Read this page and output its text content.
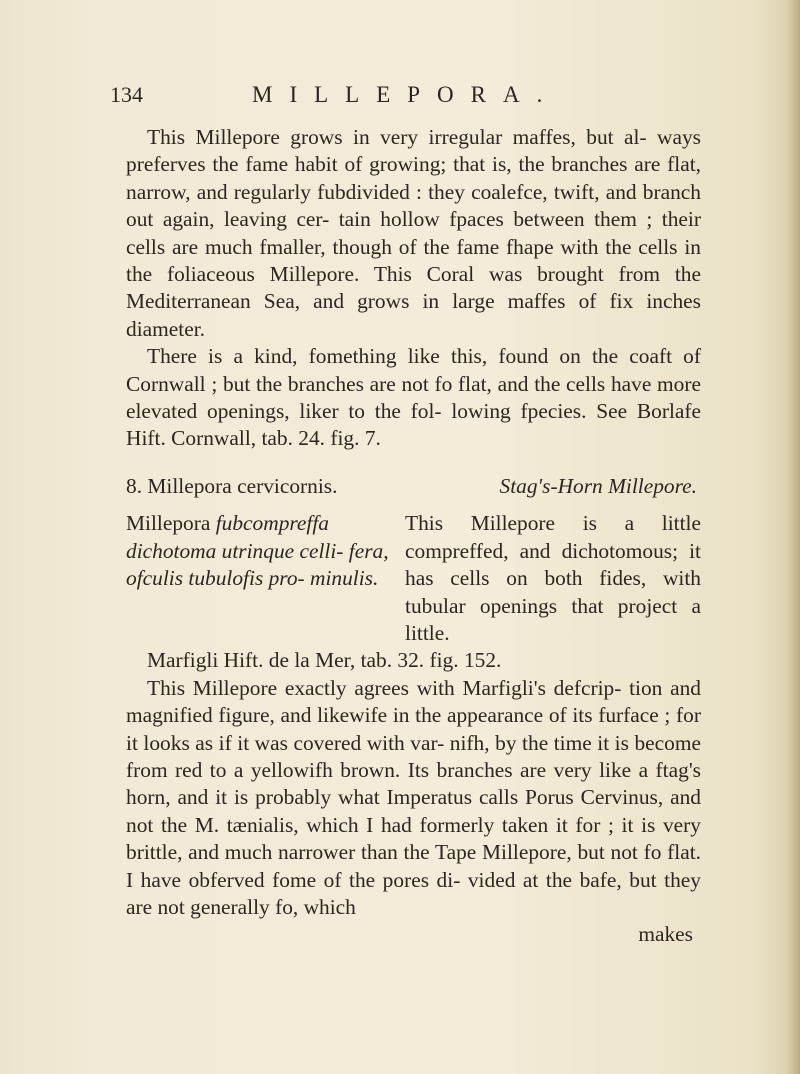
134	MILLEPORA.

This Millepore grows in very irregular maffes, but al- ways preferves the fame habit of growing; that is, the branches are flat, narrow, and regularly fubdivided : they coalefce, twift, and branch out again, leaving cer- tain hollow fpaces between them ; their cells are much fmaller, though of the fame fhape with the cells in the foliaceous Millepore. This Coral was brought from the Mediterranean Sea, and grows in large maffes of fix inches diameter.

There is a kind, fomething like this, found on the coaft of Cornwall ; but the branches are not fo flat, and the cells have more elevated openings, liker to the fol- lowing fpecies. See Borlafe Hift. Cornwall, tab. 24. fig. 7.

8. Millepora cervicornis.	Stag's-Horn Millepore.
Millepora fubcompreffa dichotoma utrinque celli- fera, ofculis tubulofis pro- minulis.
This Millepore is a little compreffed, and dichotomous; it has cells on both fides, with tubular openings that project a little.

Marfigli Hift. de la Mer, tab. 32. fig. 152.

This Millepore exactly agrees with Marfigli's defcrip- tion and magnified figure, and likewife in the appearance of its furface ; for it looks as if it was covered with var- nifh, by the time it is become from red to a yellowifh brown. Its branches are very like a ftag's horn, and it is probably what Imperatus calls Porus Cervinus, and not the M. tænialis, which I had formerly taken it for ; it is very brittle, and much narrower than the Tape Millepore, but not fo flat. I have obferved fome of the pores di- vided at the bafe, but they are not generally fo, which

makes
